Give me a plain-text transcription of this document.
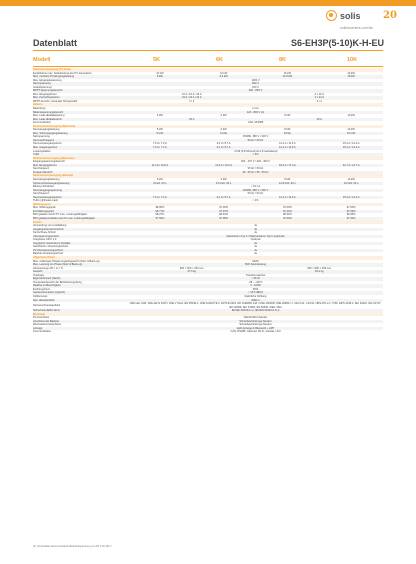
solis 20
solisinverters.com/de
Datenblatt	S6-EH3P(5-10)K-H-EU
Modell	5K	6K	8K	10K
Gleichstromeingang (PV-Seite)				
Empfohlene max. Solarleistung des PV-Generators	10 kW	12 kW	16 kW	20 kW
Max. nutzbare PV-Eingangsleistung	8 kW	9.6 kW	12.8 kW	16 kW
Max. Eingangsspannung	1000 V			
Nennspannung	600 V			
Anlaufspannung	160 V			
MPPT-Spannungsbereich	200 - 850 V			
Max. Eingangsstrom	16 A / 16 A / 16 A		4 x 16 A	
Max. Kurzschlussstrom	24 A / 24 A / 24 A		4 x 24 A	
MPPT-Anzahl / maximale Stringanzahl	2 / 2		4 / 4	
Batterie				
Batterietyp	Li-Ion			
Batteriespannungsbereich	120 - 800 V (1)			
Max. Lade-/Entladeleistung	5 kW	6 kW	8 kW	10 kW
Max. Lade-/Entladestrom	25 A		30 A	
Kommunikation	CAN / RS485			
Wechselstromausgang (Netzseite)				
Nennausgangsleistung	5 kW	6 kW	8 kW	10 kW
Max. Scheinausgangsleistung	5 kVA	6 kVA	8 kVA	10 kVA
Netzspannung	3/N/PE, 380 V / 400 V			
Nennnetzfrequenz	50 Hz / 60 Hz			
Nennnetzausgangsstrom	7.6 A / 7.2 A	9.1 A / 8.7 A	12.2 A / 11.5 A	15.2 A / 14.4 A
Max. Ausgangsstrom	7.6 A / 7.2 A	9.1 A / 8.7 A	12.2 A / 11.5 A	15.2 A / 14.4 A
Leistungsfaktor	>0.99 (0.8 führend bis 0.8 nacheilend)			
THDi	< 3%			
Wechselstromeingang (Netzseite)				
Eingangsspannungsbereich	304 - 437 V / 320 - 460 V			
Max. Eingangsstrom	11.4 A / 10.8 A	13.6 A / 13.0 A	18.2 A / 17.4 A	22.7 A / 21.7 A
Nennfrequenz	50 Hz / 60 Hz			
Frequenzbereich	45 - 55 Hz / 55 - 65 Hz			
Wechselstromausgang (Backup)				
Nennausgangsleistung	5 kW	6 kW	8 kW	10 kW
Spitzenscheinausgangsleistung	8 kVA, 60 s	9.6 kVA, 60 s	12.8 kVA, 60 s	16 kVA, 60 s
Backup-Schaltzeit	< 10 ms			
Nennausgangsspannung	3/N/PE, 380 V / 400 V			
Nennfrequenz	50 Hz / 60 Hz			
Nennnetzausgangsstrom	7.6 A / 7.2 A	9.1 A / 8.7 A	12.2 A / 11.5 A	15.2 A / 14.4 A
THDv (@lineare Last)	< 2%			
Wirkungsgrad				
Max. Wirkungsgrad	98.00%	97.00%	97.00%	97.00%
EU-Wirkungsgrad	96.77%	97.37%	97.43%	97.53%
BAT geladen durch PV max. Leistungsfähigkeit	98.37%	98.40%	98.32%	98.35%
BAT geladen/entladen auf AC max. Leistungsfähigkeit	97.50%	97.38%	97.00%	97.00%
Schutz				
Vermeidung von Inselbildung	Ja			
Ausgangsüberstromschutz	Ja			
Kurzschluss-Schutz	Ja			
Überspannungsschutz	Gleichstrom Typ II / Wechselstrom Typ II (optional)			
Integrierter AFCI 2.0	Optional			
Integrierter Gleichstrom-Schalter	Ja			
Gleichstrom-Verpolungsschutz	Ja			
PV-Überspannungsschutz	Ja			
Batterie-Verpolungsschutz	Ja			
Allgemeine Daten				
Max. zulässiges Phasenungleichgewicht (Netz & Back-up)	100%			
Max. Leistung pro Phase (Netz & Back-up)	50% Nennleistung			
Abmessungen (B × H × T)	600 × 500 × 253 mm		600 × 500 × 236 mm	
Gewicht	27.6 kg		30.2 kg	
Topologie	Transformatorlos			
Eigenverbrauch (Nacht)	< 25 W			
Temperaturbereich der Betriebsumgebung	-25 ~ +60°C			
Relative Luftfeuchtigkeit	0 - 100%			
Eindringschutz	IP66			
Geräuschemission (typisch)	< 46.5 dB(A)			
Kühlkonzept	Natürliche Kühlung			
Max. Betriebshöhe	4000 m			
Netzanschlussstandard	G98 oder G99, VDE-AR-N 4105 / VDE V 0124, EN 50549-1, VDE 0126/UTE C 15/VFR 2019, RD 1699/RD 244 / UNE 206006/ UNE 206007-1, CEI 0-21, C10/11, NRS 097-2-1, TOR, EIFS 2018.2, IEC 62116, IEC 61727, IEC 60068, IEC 61683, EN 50530, MEA, PEA			
Sicherheits-/EMV-Norm	IEC/EN 62109-1/-2, IEC/EN 61000-6-1/-3			
Merkmale				
PV-Anschluss	Stäubli MC4-Stecker			
Anschluss der Batterie	Schnellverbindungs-Stecker			
Wechselstromanschluss	Schnellverbindungs-Stecker			
Anzeige	LED-Anzeige & Bluetooth + APP			
Kommunikation	CAN, RS485, Optional: Wi-Fi, Cellular, LAN			
(1) Umschalter keine konstante Betriebsspannung von 60 V bis 80 V
